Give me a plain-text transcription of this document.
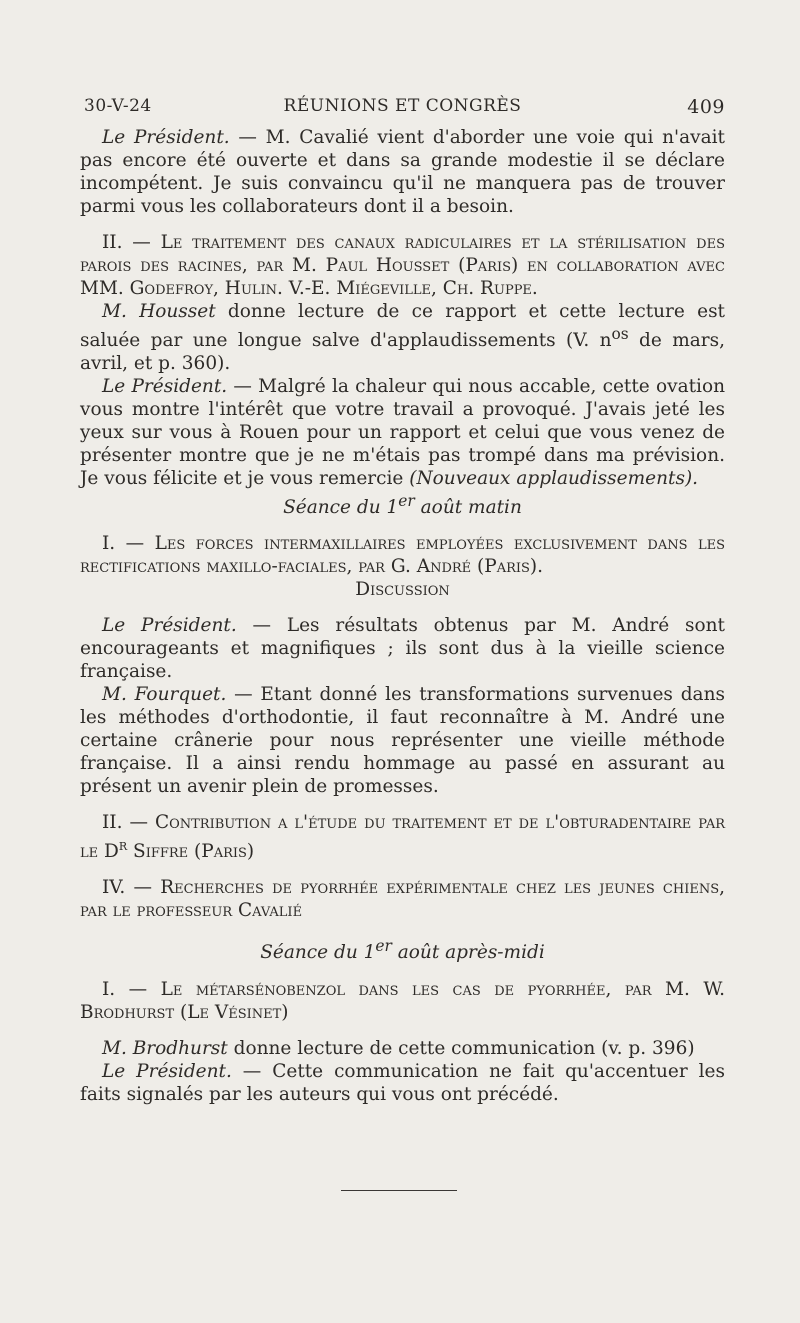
30-V-24	RÉUNIONS ET CONGRÈS	409

Le Président. — M. Cavalié vient d'aborder une voie qui n'avait pas encore été ouverte et dans sa grande modestie il se déclare incompétent. Je suis convaincu qu'il ne manquera pas de trouver parmi vous les collaborateurs dont il a besoin.

II. — Le traitement des canaux radiculaires et la stérilisation des parois des racines, par M. Paul Housset (Paris) en collaboration avec MM. Godefroy, Hulin. V.-E. Miégeville, Ch. Ruppe.

M. Housset donne lecture de ce rapport et cette lecture est saluée par une longue salve d'applaudissements (V. $n^{os}$ de mars, avril, et p. 360).

Le Président. — Malgré la chaleur qui nous accable, cette ovation vous montre l'intérêt que votre travail a provoqué. J'avais jeté les yeux sur vous à Rouen pour un rapport et celui que vous venez de présenter montre que je ne m'étais pas trompé dans ma prévision. Je vous félicite et je vous remercie (Nouveaux applaudissements).

Séance du 1er août matin

I. — Les forces intermaxillaires employées exclusivement dans les rectifications maxillo-faciales, par G. André (Paris).

Discussion

Le Président. — Les résultats obtenus par M. André sont encourageants et magnifiques ; ils sont dus à la vieille science française.

M. Fourquet. — Etant donné les transformations survenues dans les méthodes d'orthodontie, il faut reconnaître à M. André une certaine crânerie pour nous représenter une vieille méthode française. Il a ainsi rendu hommage au passé en assurant au présent un avenir plein de promesses.

II. — Contribution a l'étude du traitement et de l'obturadentaire par le $D^r$ Siffre (Paris)

IV. — Recherches de pyorrhée expérimentale chez les jeunes chiens, par le professeur Cavalié

Séance du 1er août après-midi

I. — Le métarsénobenzol dans les cas de pyorrhée, par M. W. Brodhurst (Le Vésinet)

M. Brodhurst donne lecture de cette communication (v. p. 396)

Le Président. — Cette communication ne fait qu'accentuer les faits signalés par les auteurs qui vous ont précédé.
